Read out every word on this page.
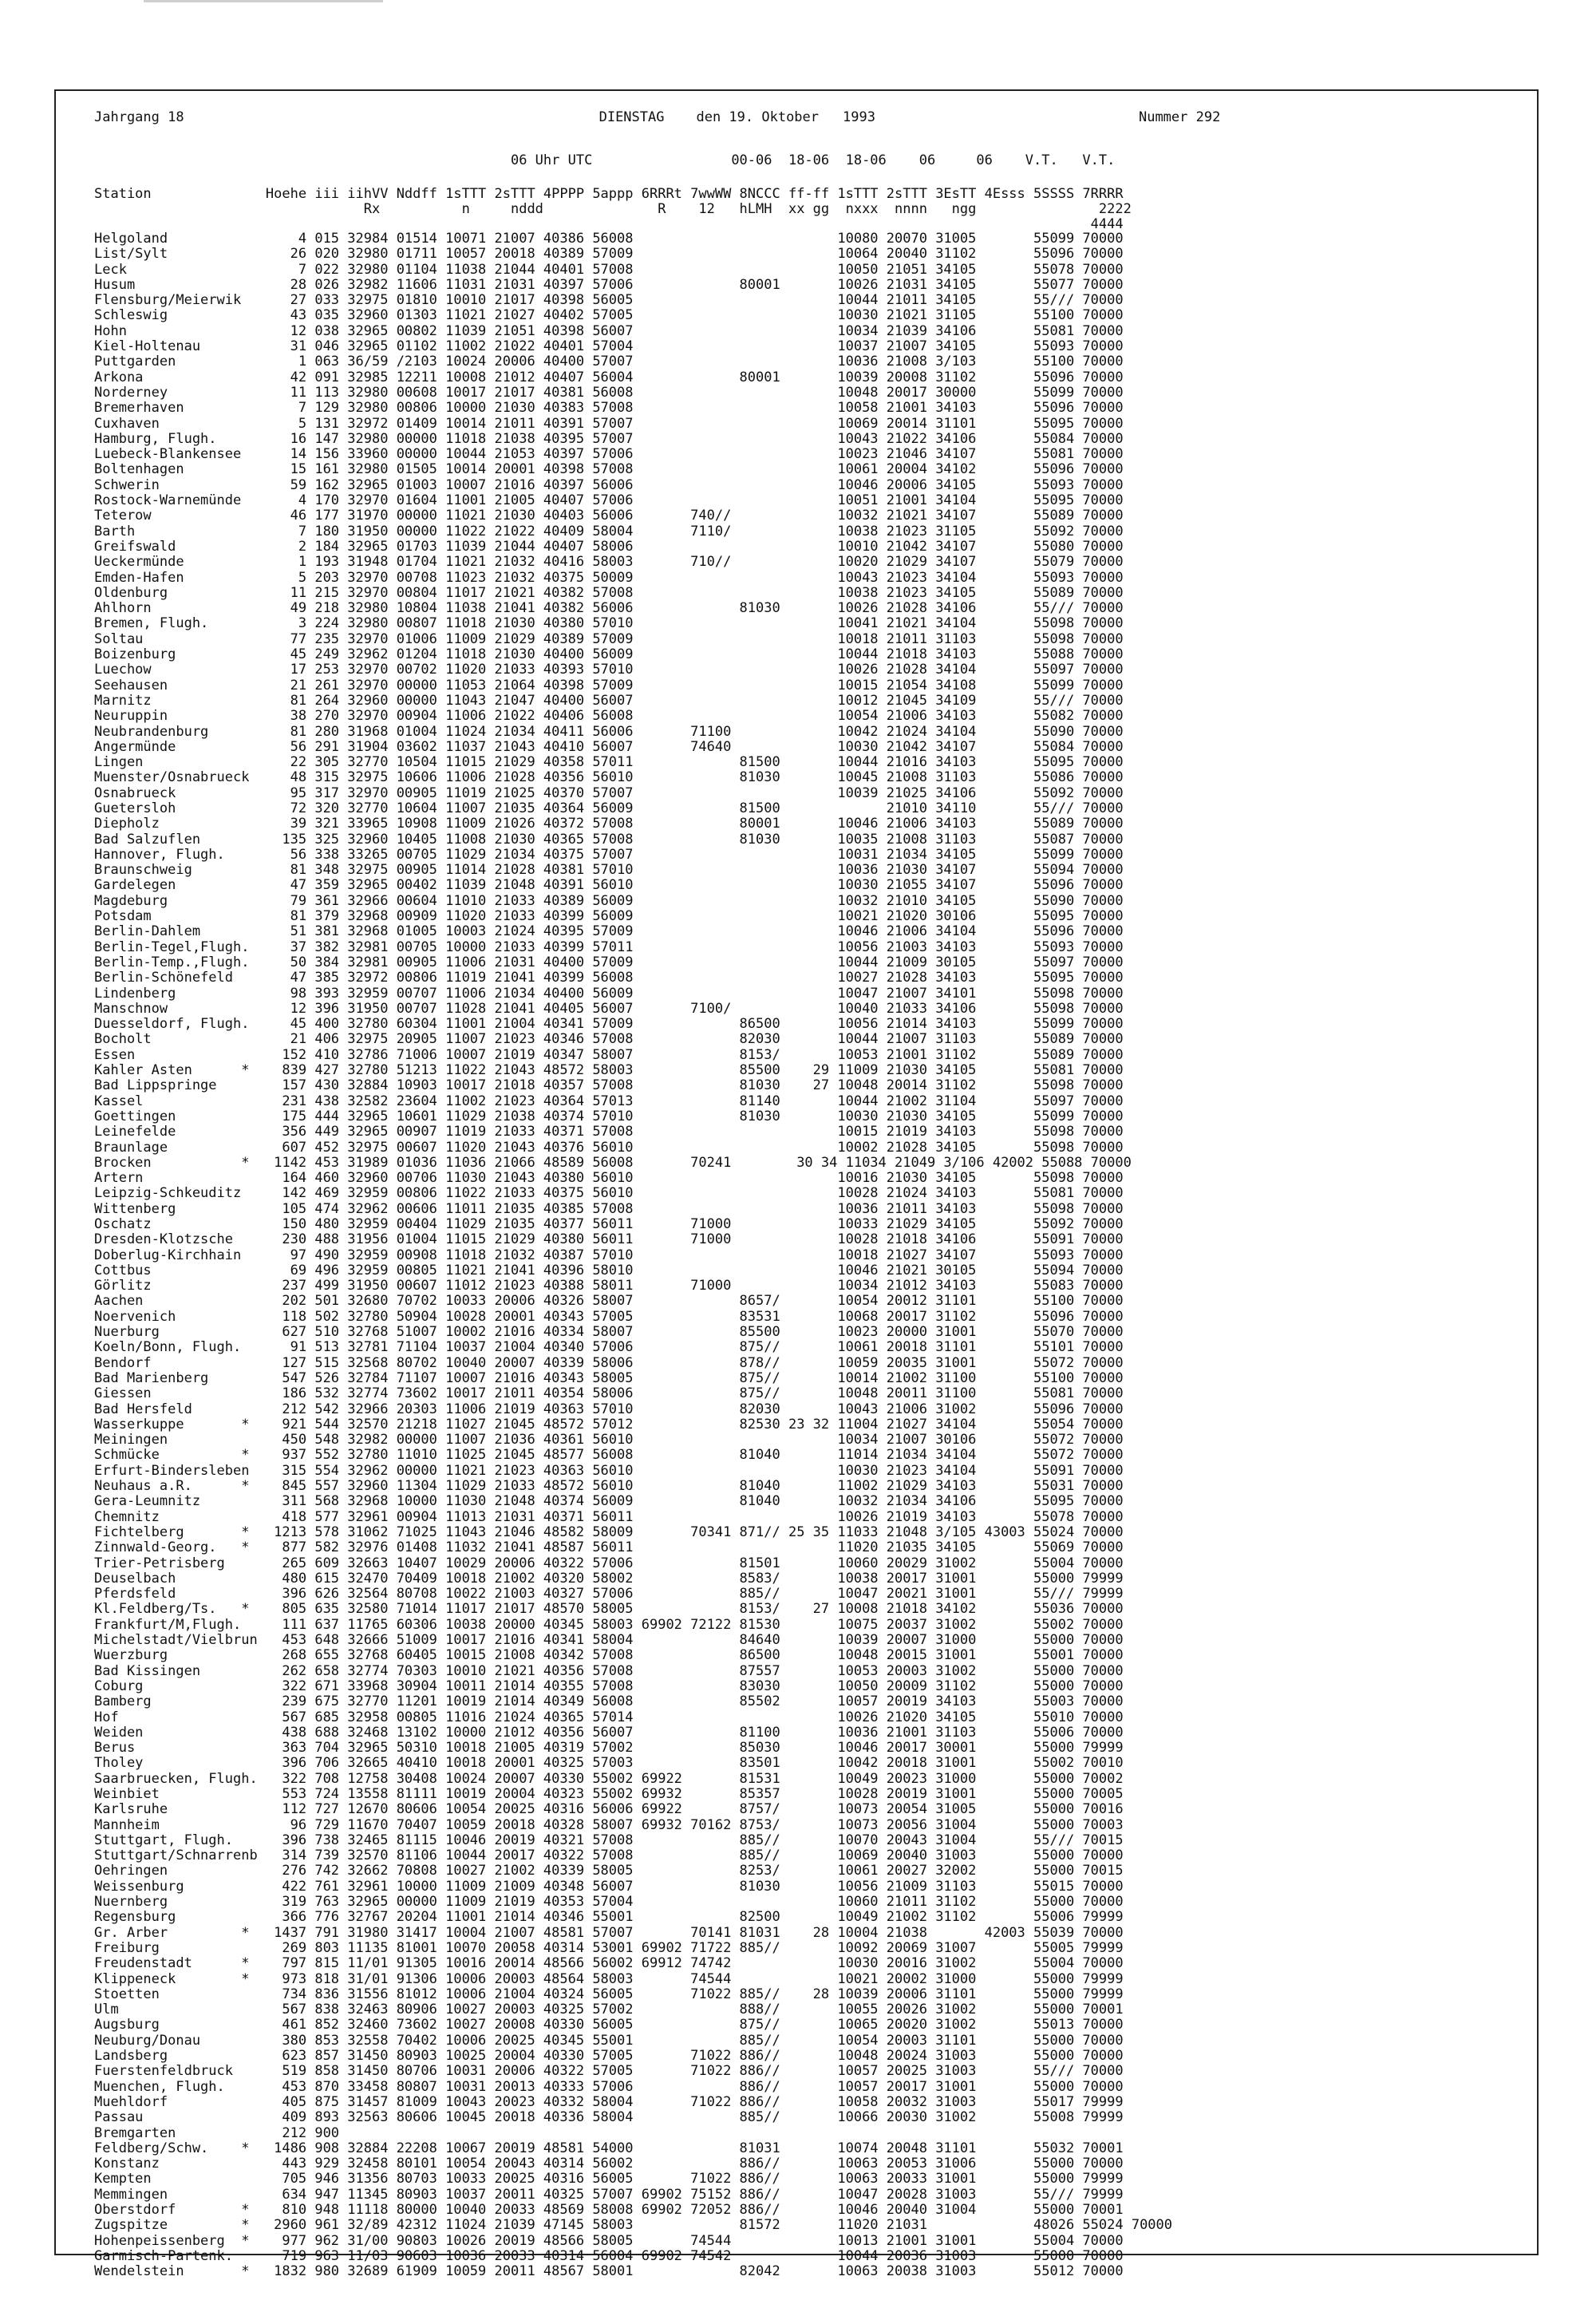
Jahrgang 18	DIENSTAG den 19. Oktober 1993	Nummer 292
06 Uhr UTC                 00-06  18-06  18-06    06     06    V.T.   V.T.
Station              Hoehe iii iihVV Nddff 1sTTT 2sTTT 4PPPP 5appp 6RRRt 7wwWW 8NCCC ff-ff 1sTTT 2sTTT 3EsTT 4Esss 5SSSS 7RRRR
Rx          n     nddd              R    12   hLMH  xx gg  nxxx  nnnn   ngg               2222
4444
Helgoland                4 015 32984 01514 10071 21007 40386 56008                         10080 20070 31005       55099 70000
List/Sylt               26 020 32980 01711 10057 20018 40389 57009                         10064 20040 31102       55096 70000
Leck                     7 022 32980 01104 11038 21044 40401 57008                         10050 21051 34105       55078 70000
Husum                   28 026 32982 11606 11031 21031 40397 57006             80001       10026 21031 34105       55077 70000
Flensburg/Meierwik      27 033 32975 01810 10010 21017 40398 56005                         10044 21011 34105       55/// 70000
Schleswig               43 035 32960 01303 11021 21027 40402 57005                         10030 21021 31105       55100 70000
Hohn                    12 038 32965 00802 11039 21051 40398 56007                         10034 21039 34106       55081 70000
Kiel-Holtenau           31 046 32965 01102 11002 21022 40401 57004                         10037 21007 34105       55093 70000
Puttgarden               1 063 36/59 /2103 10024 20006 40400 57007                         10036 21008 3/103       55100 70000
Arkona                  42 091 32985 12211 10008 21012 40407 56004             80001       10039 20008 31102       55096 70000
Norderney               11 113 32980 00608 10017 21017 40381 56008                         10048 20017 30000       55099 70000
Bremerhaven              7 129 32980 00806 10000 21030 40383 57008                         10058 21001 34103       55096 70000
Cuxhaven                 5 131 32972 01409 10014 21011 40391 57007                         10069 20014 31101       55095 70000
Hamburg, Flugh.         16 147 32980 00000 11018 21038 40395 57007                         10043 21022 34106       55084 70000
Luebeck-Blankensee      14 156 33960 00000 10044 21053 40397 57006                         10023 21046 34107       55081 70000
Boltenhagen             15 161 32980 01505 10014 20001 40398 57008                         10061 20004 34102       55096 70000
Schwerin                59 162 32965 01003 10007 21016 40397 56006                         10046 20006 34105       55093 70000
Rostock-Warnemünde       4 170 32970 01604 11001 21005 40407 57006                         10051 21001 34104       55095 70000
Teterow                 46 177 31970 00000 11021 21030 40403 56006       740//             10032 21021 34107       55089 70000
Barth                    7 180 31950 00000 11022 21022 40409 58004       7110/             10038 21023 31105       55092 70000
Greifswald               2 184 32965 01703 11039 21044 40407 58006                         10010 21042 34107       55080 70000
Ueckermünde              1 193 31948 01704 11021 21032 40416 58003       710//             10020 21029 34107       55079 70000
Emden-Hafen              5 203 32970 00708 11023 21032 40375 50009                         10043 21023 34104       55093 70000
Oldenburg               11 215 32970 00804 11017 21021 40382 57008                         10038 21023 34105       55089 70000
Ahlhorn                 49 218 32980 10804 11038 21041 40382 56006             81030       10026 21028 34106       55/// 70000
Bremen, Flugh.           3 224 32980 00807 11018 21030 40380 57010                         10041 21021 34104       55098 70000
Soltau                  77 235 32970 01006 11009 21029 40389 57009                         10018 21011 31103       55098 70000
Boizenburg              45 249 32962 01204 11018 21030 40400 56009                         10044 21018 34103       55088 70000
Luechow                 17 253 32970 00702 11020 21033 40393 57010                         10026 21028 34104       55097 70000
Seehausen               21 261 32970 00000 11053 21064 40398 57009                         10015 21054 34108       55099 70000
Marnitz                 81 264 32960 00000 11043 21047 40400 56007                         10012 21045 34109       55/// 70000
Neuruppin               38 270 32970 00904 11006 21022 40406 56008                         10054 21006 34103       55082 70000
Neubrandenburg          81 280 31968 01004 11024 21034 40411 56006       71100             10042 21024 34104       55090 70000
Angermünde              56 291 31904 03602 11037 21043 40410 56007       74640             10030 21042 34107       55084 70000
Lingen                  22 305 32770 10504 11015 21029 40358 57011             81500       10044 21016 34103       55095 70000
Muenster/Osnabrueck     48 315 32975 10606 11006 21028 40356 56010             81030       10045 21008 31103       55086 70000
Osnabrueck              95 317 32970 00905 11019 21025 40370 57007                         10039 21025 34106       55092 70000
Guetersloh              72 320 32770 10604 11007 21035 40364 56009             81500             21010 34110       55/// 70000
Diepholz                39 321 33965 10908 11009 21026 40372 57008             80001       10046 21006 34103       55089 70000
Bad Salzuflen          135 325 32960 10405 11008 21030 40365 57008             81030       10035 21008 31103       55087 70000
Hannover, Flugh.        56 338 33265 00705 11029 21034 40375 57007                         10031 21034 34105       55099 70000
Braunschweig            81 348 32975 00905 11014 21028 40381 57010                         10036 21030 34107       55094 70000
Gardelegen              47 359 32965 00402 11039 21048 40391 56010                         10030 21055 34107       55096 70000
Magdeburg               79 361 32966 00604 11010 21033 40389 56009                         10032 21010 34105       55090 70000
Potsdam                 81 379 32968 00909 11020 21033 40399 56009                         10021 21020 30106       55095 70000
Berlin-Dahlem           51 381 32968 01005 10003 21024 40395 57009                         10046 21006 34104       55096 70000
Berlin-Tegel,Flugh.     37 382 32981 00705 10000 21033 40399 57011                         10056 21003 34103       55093 70000
Berlin-Temp.,Flugh.     50 384 32981 00905 11006 21031 40400 57009                         10044 21009 30105       55097 70000
Berlin-Schönefeld       47 385 32972 00806 11019 21041 40399 56008                         10027 21028 34103       55095 70000
Lindenberg              98 393 32959 00707 11006 21034 40400 56009                         10047 21007 34101       55098 70000
Manschnow               12 396 31950 00707 11028 21041 40405 56007       7100/             10040 21033 34106       55098 70000
Duesseldorf, Flugh.     45 400 32780 60304 11001 21004 40341 57009             86500       10056 21014 34103       55099 70000
Bocholt                 21 406 32975 20905 11007 21023 40346 57008             82030       10044 21007 31103       55089 70000
Essen                  152 410 32786 71006 10007 21019 40347 58007             8153/       10053 21001 31102       55089 70000
Kahler Asten      *    839 427 32780 51213 11022 21043 48572 58003             85500    29 11009 21030 34105       55081 70000
Bad Lippspringe        157 430 32884 10903 10017 21018 40357 57008             81030    27 10048 20014 31102       55098 70000
Kassel                 231 438 32582 23604 11002 21023 40364 57013             81140       10044 21002 31104       55097 70000
Goettingen             175 444 32965 10601 11029 21038 40374 57010             81030       10030 21030 34105       55099 70000
Leinefelde             356 449 32965 00907 11019 21033 40371 57008                         10015 21019 34103       55098 70000
Braunlage              607 452 32975 00607 11020 21043 40376 56010                         10002 21028 34105       55098 70000
Brocken           *   1142 453 31989 01036 11036 21066 48589 56008       70241        30 34 11034 21049 3/106 42002 55088 70000
Artern                 164 460 32960 00706 11030 21043 40380 56010                         10016 21030 34105       55098 70000
Leipzig-Schkeuditz     142 469 32959 00806 11022 21033 40375 56010                         10028 21024 34103       55081 70000
Wittenberg             105 474 32962 00606 11011 21035 40385 57008                         10036 21011 34103       55098 70000
Oschatz                150 480 32959 00404 11029 21035 40377 56011       71000             10033 21029 34105       55092 70000
Dresden-Klotzsche      230 488 31956 01004 11015 21029 40380 56011       71000             10028 21018 34106       55091 70000
Doberlug-Kirchhain      97 490 32959 00908 11018 21032 40387 57010                         10018 21027 34107       55093 70000
Cottbus                 69 496 32959 00805 11021 21041 40396 58010                         10046 21021 30105       55094 70000
Görlitz                237 499 31950 00607 11012 21023 40388 58011       71000             10034 21012 34103       55083 70000
Aachen                 202 501 32680 70702 10033 20006 40326 58007             8657/       10054 20012 31101       55100 70000
Noervenich             118 502 32780 50904 10028 20001 40343 57005             83531       10068 20017 31102       55096 70000
Nuerburg               627 510 32768 51007 10002 21016 40334 58007             85500       10023 20000 31001       55070 70000
Koeln/Bonn, Flugh.      91 513 32781 71104 10037 21004 40340 57006             875//       10061 20018 31101       55101 70000
Bendorf                127 515 32568 80702 10040 20007 40339 58006             878//       10059 20035 31001       55072 70000
Bad Marienberg         547 526 32784 71107 10007 21016 40343 58005             875//       10014 21002 31100       55100 70000
Giessen                186 532 32774 73602 10017 21011 40354 58006             875//       10048 20011 31100       55081 70000
Bad Hersfeld           212 542 32966 20303 11006 21019 40363 57010             82030       10043 21006 31002       55096 70000
Wasserkuppe       *    921 544 32570 21218 11027 21045 48572 57012             82530 23 32 11004 21027 34104       55054 70000
Meiningen              450 548 32982 00000 11007 21036 40361 56010                         10034 21007 30106       55072 70000
Schmücke          *    937 552 32780 11010 11025 21045 48577 56008             81040       11014 21034 34104       55072 70000
Erfurt-Bindersleben    315 554 32962 00000 11021 21023 40363 56010                         10030 21023 34104       55091 70000
Neuhaus a.R.      *    845 557 32960 11304 11029 21033 48572 56010             81040       11002 21029 34103       55031 70000
Gera-Leumnitz          311 568 32968 10000 11030 21048 40374 56009             81040       10032 21034 34106       55095 70000
Chemnitz               418 577 32961 00904 11013 21031 40371 56011                         10026 21019 34103       55078 70000
Fichtelberg       *   1213 578 31062 71025 11043 21046 48582 58009       70341 871// 25 35 11033 21048 3/105 43003 55024 70000
Zinnwald-Georg.   *    877 582 32976 01408 11032 21041 48587 56011                         11020 21035 34105       55069 70000
Trier-Petrisberg       265 609 32663 10407 10029 20006 40322 57006             81501       10060 20029 31002       55004 70000
Deuselbach             480 615 32470 70409 10018 21002 40320 58002             8583/       10038 20017 31001       55000 79999
Pferdsfeld             396 626 32564 80708 10022 21003 40327 57006             885//       10047 20021 31001       55/// 79999
Kl.Feldberg/Ts.   *    805 635 32580 71014 11017 21017 48570 58005             8153/    27 10008 21018 34102       55036 70000
Frankfurt/M,Flugh.     111 637 11765 60306 10038 20000 40345 58003 69902 72122 81530       10075 20037 31002       55002 70000
Michelstadt/Vielbrun   453 648 32666 51009 10017 21016 40341 58004             84640       10039 20007 31000       55000 70000
Wuerzburg              268 655 32768 60405 10015 21008 40342 57008             86500       10048 20015 31001       55001 70000
Bad Kissingen          262 658 32774 70303 10010 21021 40356 57008             87557       10053 20003 31002       55000 70000
Coburg                 322 671 33968 30904 10011 21014 40355 57008             83030       10050 20009 31102       55000 70000
Bamberg                239 675 32770 11201 10019 21014 40349 56008             85502       10057 20019 34103       55003 70000
Hof                    567 685 32958 00805 11016 21024 40365 57014                         10026 21020 34105       55010 70000
Weiden                 438 688 32468 13102 10000 21012 40356 56007             81100       10036 21001 31103       55006 70000
Berus                  363 704 32965 50310 10018 21005 40319 57002             85030       10046 20017 30001       55000 79999
Tholey                 396 706 32665 40410 10018 20001 40325 57003             83501       10042 20018 31001       55002 70010
Saarbruecken, Flugh.   322 708 12758 30408 10024 20007 40330 55002 69922       81531       10049 20023 31000       55000 70002
Weinbiet               553 724 13558 81111 10019 20004 40323 55002 69932       85357       10028 20019 31001       55000 70005
Karlsruhe              112 727 12670 80606 10054 20025 40316 56006 69922       8757/       10073 20054 31005       55000 70016
Mannheim                96 729 11670 70407 10059 20018 40328 58007 69932 70162 8753/       10073 20056 31004       55000 70003
Stuttgart, Flugh.      396 738 32465 81115 10046 20019 40321 57008             885//       10070 20043 31004       55/// 70015
Stuttgart/Schnarrenb   314 739 32570 81106 10044 20017 40322 57008             885//       10069 20040 31003       55000 70000
Oehringen              276 742 32662 70808 10027 21002 40339 58005             8253/       10061 20027 32002       55000 70015
Weissenburg            422 761 32961 10000 11009 21009 40348 56007             81030       10056 21009 31103       55015 70000
Nuernberg              319 763 32965 00000 11009 21019 40353 57004                         10060 21011 31102       55000 70000
Regensburg             366 776 32767 20204 11001 21014 40346 55001             82500       10049 21002 31102       55006 79999
Gr. Arber         *   1437 791 31980 31417 10004 21007 48581 57007       70141 81031    28 10004 21038       42003 55039 70000
Freiburg               269 803 11135 81001 10070 20058 40314 53001 69902 71722 885//       10092 20069 31007       55005 79999
Freudenstadt      *    797 815 11/01 91305 10016 20014 48566 56002 69912 74742             10030 20016 31002       55004 70000
Klippeneck        *    973 818 31/01 91306 10006 20003 48564 58003       74544             10021 20002 31000       55000 79999
Stoetten               734 836 31556 81012 10006 21004 40324 56005       71022 885//    28 10039 20006 31101       55000 79999
Ulm                    567 838 32463 80906 10027 20003 40325 57002             888//       10055 20026 31002       55000 70001
Augsburg               461 852 32460 73602 10027 20008 40330 56005             875//       10065 20020 31002       55013 70000
Neuburg/Donau          380 853 32558 70402 10006 20025 40345 55001             885//       10054 20003 31101       55000 70000
Landsberg              623 857 31450 80903 10025 20004 40330 57005       71022 886//       10048 20024 31003       55000 70000
Fuerstenfeldbruck      519 858 31450 80706 10031 20006 40322 57005       71022 886//       10057 20025 31003       55/// 70000
Muenchen, Flugh.       453 870 33458 80807 10031 20013 40333 57006             886//       10057 20017 31001       55000 70000
Muehldorf              405 875 31457 81009 10043 20023 40332 58004       71022 886//       10058 20032 31003       55017 79999
Passau                 409 893 32563 80606 10045 20018 40336 58004             885//       10066 20030 31002       55008 79999
Bremgarten             212 900
Feldberg/Schw.    *   1486 908 32884 22208 10067 20019 48581 54000             81031       10074 20048 31101       55032 70001
Konstanz               443 929 32458 80101 10054 20043 40314 56002             886//       10063 20053 31006       55000 70000
Kempten                705 946 31356 80703 10033 20025 40316 56005       71022 886//       10063 20033 31001       55000 79999
Memmingen              634 947 11345 80903 10037 20011 40325 57007 69902 75152 886//       10047 20028 31003       55/// 79999
Oberstdorf        *    810 948 11118 80000 10040 20033 48569 58008 69902 72052 886//       10046 20040 31004       55000 70001
Zugspitze         *   2960 961 32/89 42312 11024 21039 47145 58003             81572       11020 21031             48026 55024 70000
Hohenpeissenberg  *    977 962 31/00 90803 10026 20019 48566 58005       74544             10013 21001 31001       55004 70000
Garmisch-Partenk.      719 963 11/03 90603 10036 20033 40314 56004 69902 74542             10044 20036 31003       55000 70000
Wendelstein       *   1832 980 32689 61909 10059 20011 48567 58001             82042       10063 20038 31003       55012 70000
